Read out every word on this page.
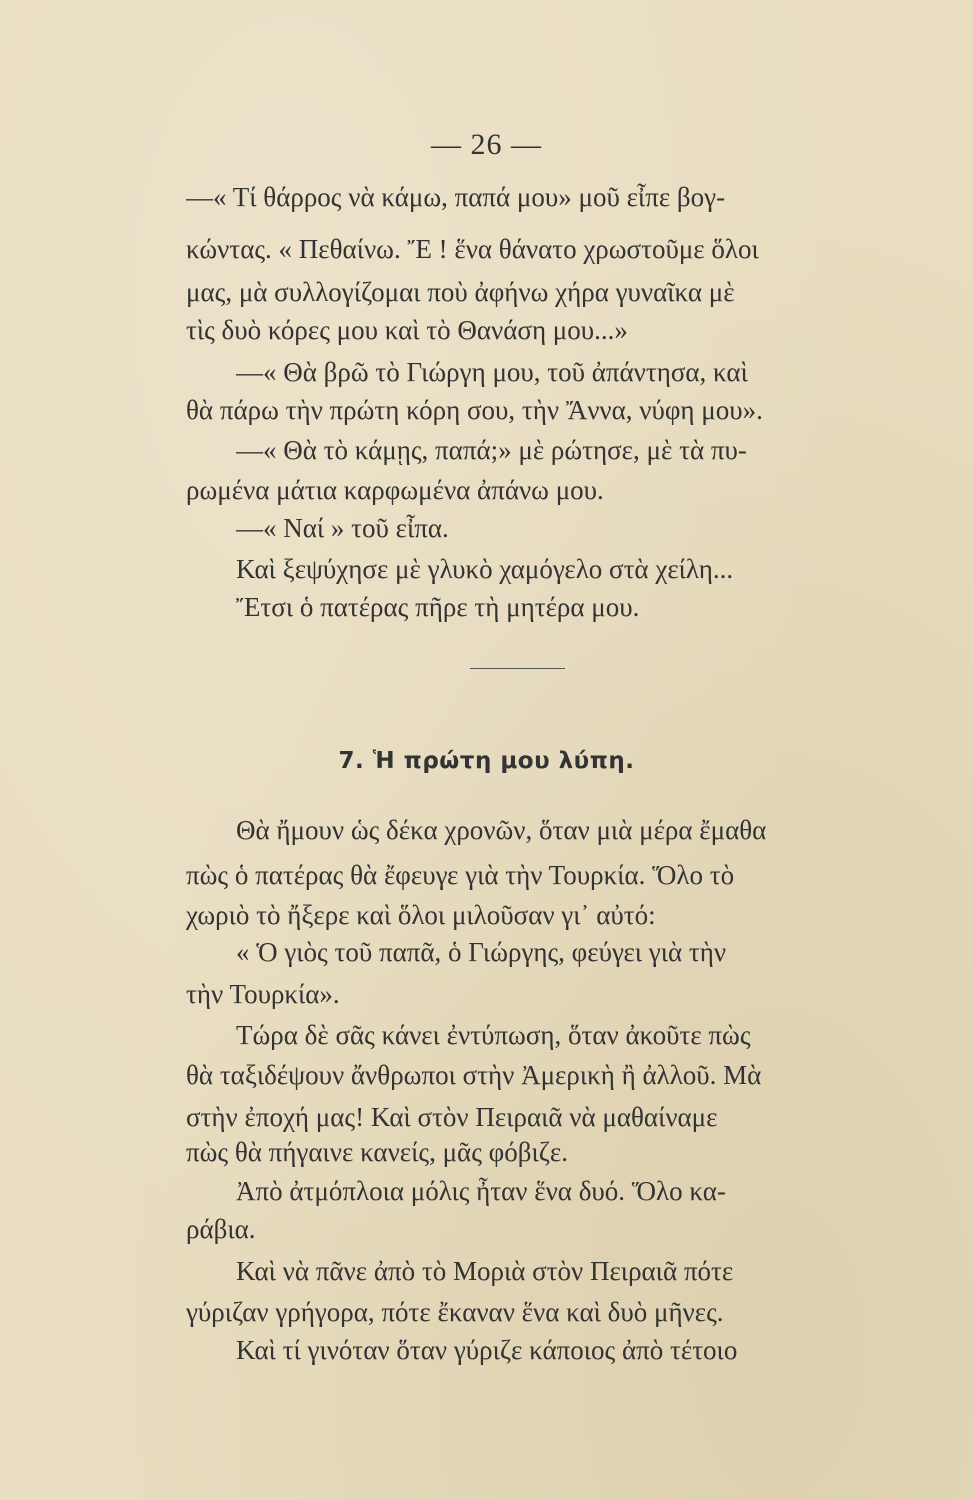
— 26 —
—« Τί θάρρος νὰ κάμω, παπά μου» μοῦ εἶπε βογ-
κώντας. « Πεθαίνω. Ἔ ! ἕνα θάνατο χρωστοῦμε ὅλοι
μας, μὰ συλλογίζομαι ποὺ ἀφήνω χήρα γυναῖκα μὲ
τὶς δυὸ κόρες μου καὶ τὸ Θανάση μου...»
—« Θὰ βρῶ τὸ Γιώργη μου, τοῦ ἀπάντησα, καὶ
θὰ πάρω τὴν πρώτη κόρη σου, τὴν Ἄννα, νύφη μου».
—« Θὰ τὸ κάμῃς, παπά;» μὲ ρώτησε, μὲ τὰ πυ-
ρωμένα μάτια καρφωμένα ἀπάνω μου.
—« Ναί » τοῦ εἶπα.
Καὶ ξεψύχησε μὲ γλυκὸ χαμόγελο στὰ χείλη...
Ἔτσι ὁ πατέρας πῆρε τὴ μητέρα μου.
7. Ἡ πρώτη μου λύπη.
Θὰ ἤμουν ὡς δέκα χρονῶν, ὅταν μιὰ μέρα ἔμαθα
πὼς ὁ πατέρας θὰ ἔφευγε γιὰ τὴν Τουρκία. Ὅλο τὸ
χωριὸ τὸ ἤξερε καὶ ὅλοι μιλοῦσαν γι᾽ αὐτό:
« Ὁ γιὸς τοῦ παπᾶ, ὁ Γιώργης, φεύγει γιὰ τὴν
τὴν Τουρκία».
Τώρα δὲ σᾶς κάνει ἐντύπωση, ὅταν ἀκοῦτε πὼς
θὰ ταξιδέψουν ἄνθρωποι στὴν Ἀμερικὴ ἢ ἀλλοῦ. Μὰ
στὴν ἐποχή μας! Καὶ στὸν Πειραιᾶ νὰ μαθαίναμε
πὼς θὰ πήγαινε κανείς, μᾶς φόβιζε.
Ἀπὸ ἀτμόπλοια μόλις ἦταν ἕνα δυό. Ὅλο κα-
ράβια.
Καὶ νὰ πᾶνε ἀπὸ τὸ Μοριὰ στὸν Πειραιᾶ πότε
γύριζαν γρήγορα, πότε ἔκαναν ἕνα καὶ δυὸ μῆνες.
Καὶ τί γινόταν ὅταν γύριζε κάποιος ἀπὸ τέτοιο
